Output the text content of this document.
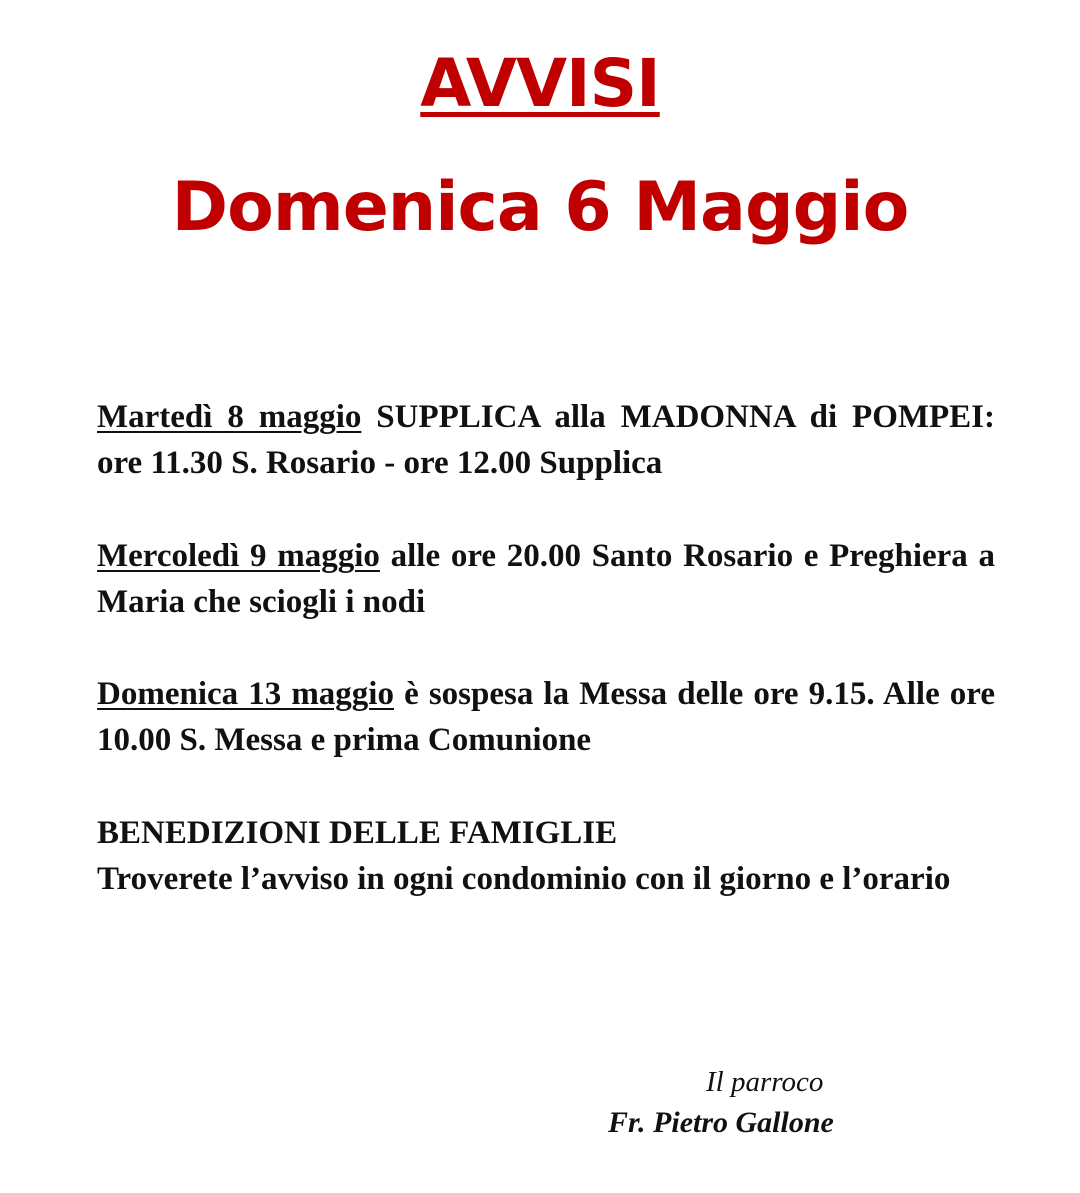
AVVISI
Domenica 6 Maggio

Martedì 8 maggio SUPPLICA alla MADONNA di POMPEI: ore 11.30 S. Rosario - ore 12.00 Supplica

Mercoledì 9 maggio alle ore 20.00 Santo Rosario e Preghiera a Maria che sciogli i nodi

Domenica 13 maggio è sospesa la Messa delle ore 9.15. Alle ore 10.00 S. Messa e prima Comunione

BENEDIZIONI DELLE FAMIGLIE
Troverete l’avviso in ogni condominio con il giorno e l’orario

Il parroco

Fr. Pietro Gallone
